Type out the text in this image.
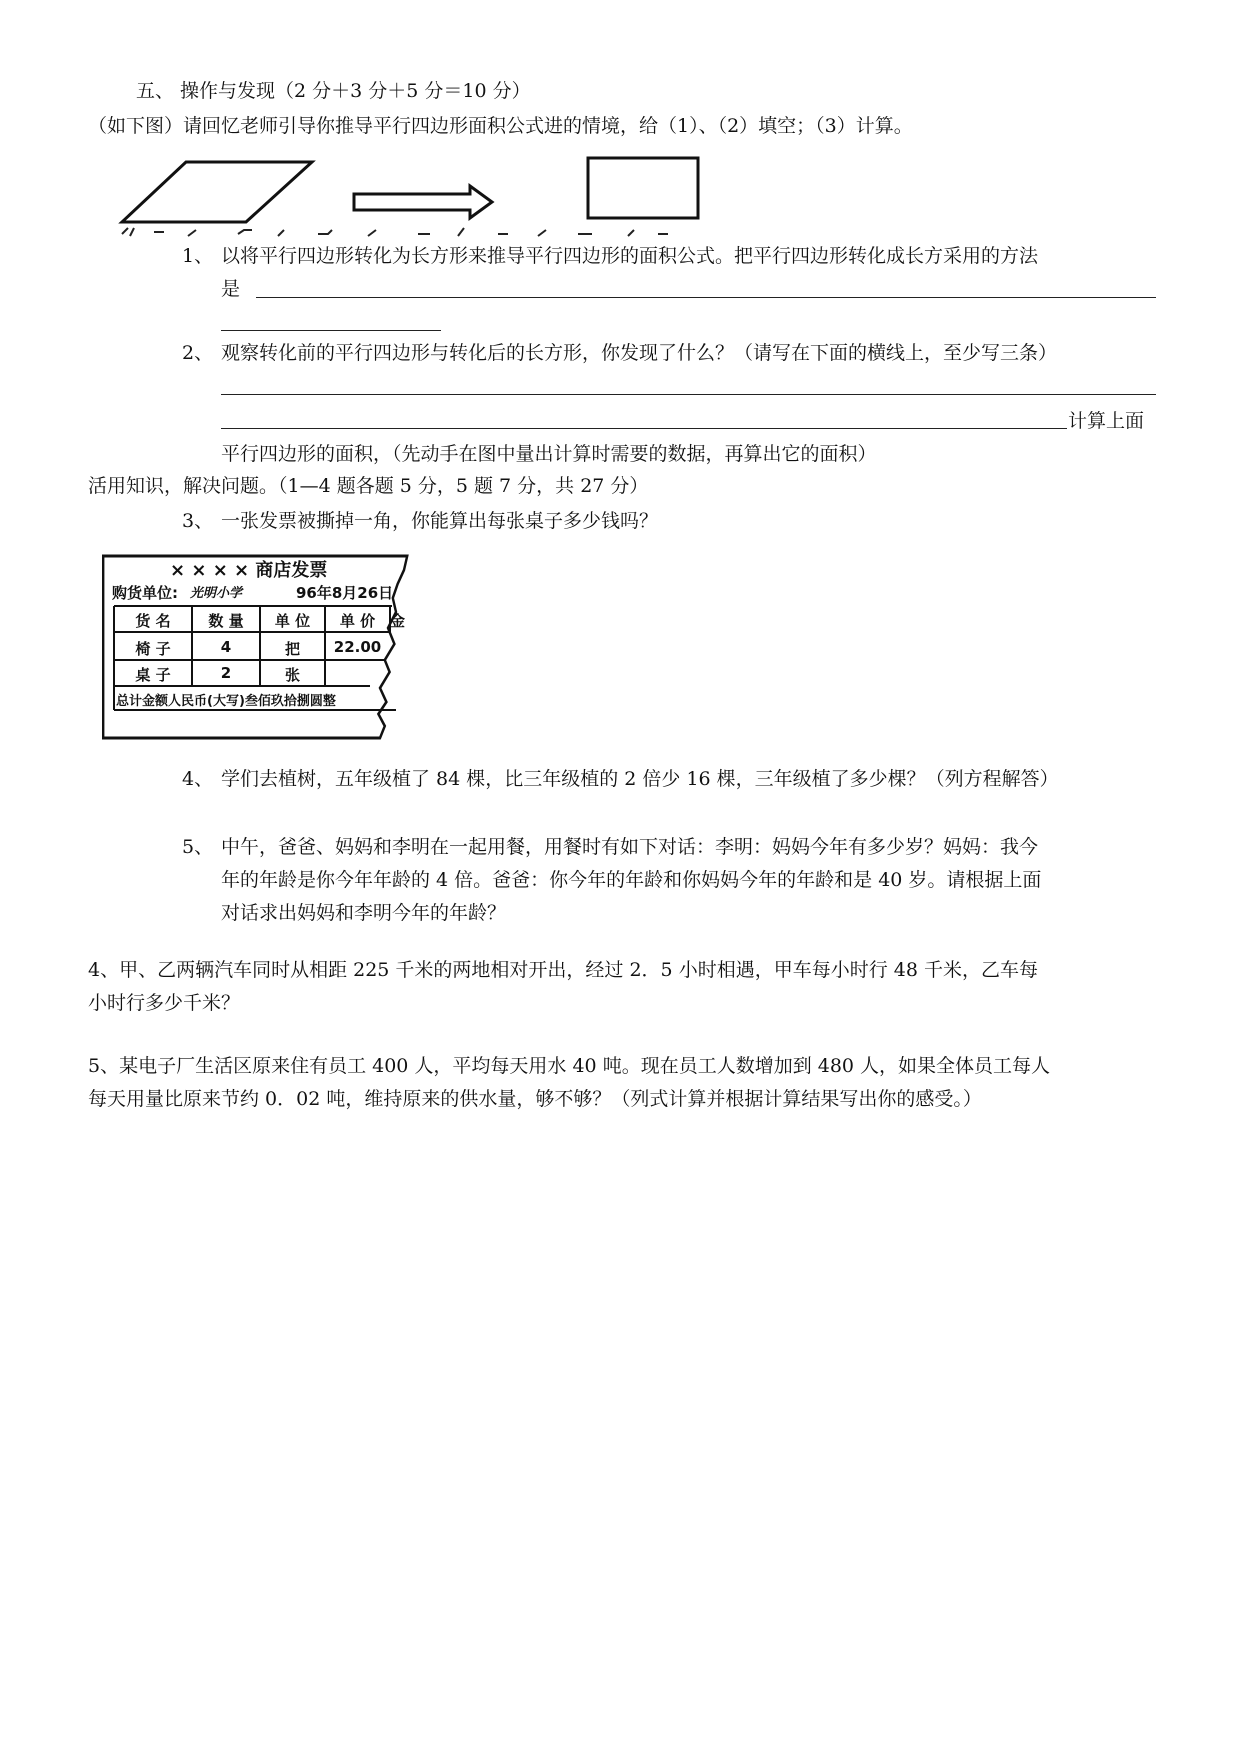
五、 操作与发现（2 分＋3 分＋5 分＝10 分）
（如下图）请回忆老师引导你推导平行四边形面积公式进的情境，给（1）、（2）填空；（3）计算。
1、 以将平行四边形转化为长方形来推导平行四边形的面积公式。把平行四边形转化成长方采用的方法
是
2、 观察转化前的平行四边形与转化后的长方形，你发现了什么？（请写在下面的横线上，至少写三条）
计算上面
平行四边形的面积，（先动手在图中量出计算时需要的数据，再算出它的面积）
活用知识，解决问题。（1—4 题各题 5 分，5 题 7 分，共 27 分）
3、 一张发票被撕掉一角，你能算出每张桌子多少钱吗？
× × × × 商店发票
购货单位: 光明小学	96年8月26日
货 名	数 量	单 位	单 价 金
椅 子	4	把	22.00
桌 子	2	张
总计金额人民币(大写)叁佰玖拾捌圆整
4、 学们去植树，五年级植了 84 棵，比三年级植的 2 倍少 16 棵，三年级植了多少棵？（列方程解答）
5、 中午，爸爸、妈妈和李明在一起用餐，用餐时有如下对话：李明：妈妈今年有多少岁？妈妈：我今
年的年龄是你今年年龄的 4 倍。爸爸：你今年的年龄和你妈妈今年的年龄和是 40 岁。请根据上面
对话求出妈妈和李明今年的年龄？
4、甲、乙两辆汽车同时从相距 225 千米的两地相对开出，经过 2．5 小时相遇，甲车每小时行 48 千米，乙车每
小时行多少千米？
5、某电子厂生活区原来住有员工 400 人，平均每天用水 40 吨。现在员工人数增加到 480 人，如果全体员工每人
每天用量比原来节约 0．02 吨，维持原来的供水量，够不够？（列式计算并根据计算结果写出你的感受。）
